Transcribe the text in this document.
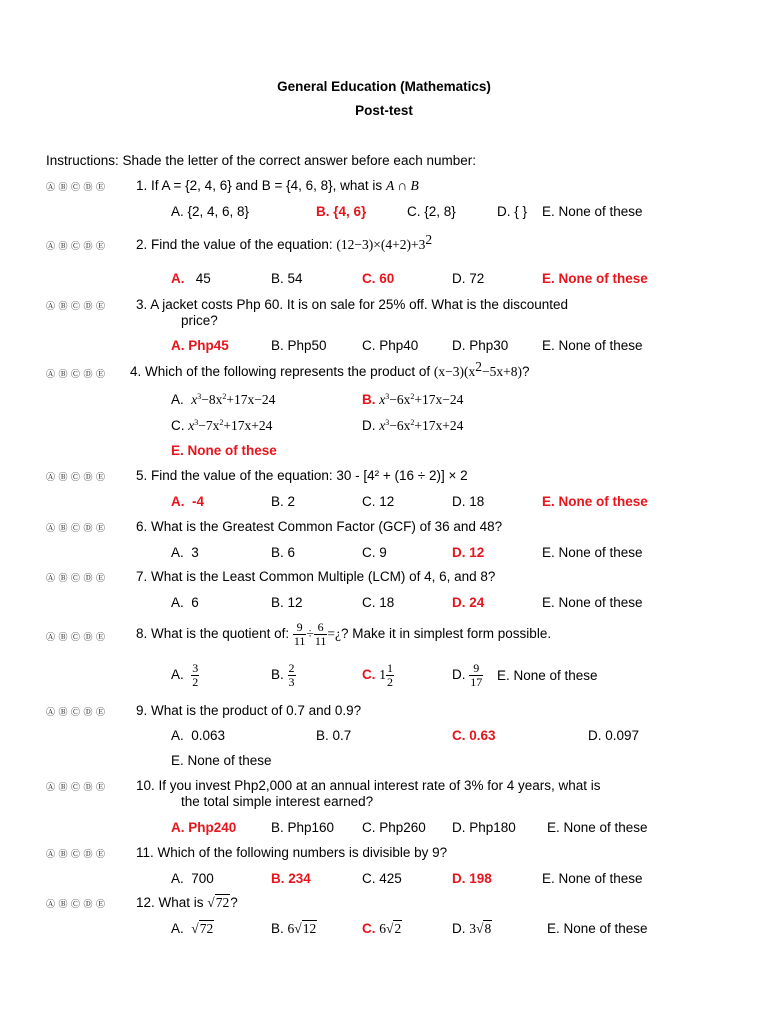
General Education (Mathematics)
Post-test
Instructions: Shade the letter of the correct answer before each number:
Ⓐ Ⓑ Ⓒ Ⓓ Ⓔ 1. If A = {2, 4, 6} and B = {4, 6, 8}, what is A ∩ B
A. {2, 4, 6, 8}	B. {4, 6}	C. {2, 8}	D. { } E. None of these
Ⓐ Ⓑ Ⓒ Ⓓ Ⓔ 2. Find the value of the equation: $(12-3)\times(4+2)+3^2$
A. 45	B. 54	C. 60	D. 72	E. None of these
Ⓐ Ⓑ Ⓒ Ⓓ Ⓔ 3. A jacket costs Php 60. It is on sale for 25% off. What is the discounted
price?
A. Php45	B. Php50	C. Php40 D. Php30 E. None of these
Ⓐ Ⓑ Ⓒ Ⓓ Ⓔ 4. Which of the following represents the product of $(x-3)(x^2-5x+8)$?
A. $x^3-8x^2+17x-24$	B. $x^3-6x^2+17x-24$
C. $x^3-7x^2+17x+24$	D. $x^3-6x^2+17x+24$
E. None of these
Ⓐ Ⓑ Ⓒ Ⓓ Ⓔ 5. Find the value of the equation: 30 - [4² + (16 ÷ 2)] × 2
A. -4	B. 2	C. 12	D. 18	E. None of these
Ⓐ Ⓑ Ⓒ Ⓓ Ⓔ 6. What is the Greatest Common Factor (GCF) of 36 and 48?
A. 3	B. 6	C. 9	D. 12	E. None of these
Ⓐ Ⓑ Ⓒ Ⓓ Ⓔ 7. What is the Least Common Multiple (LCM) of 4, 6, and 8?
A. 6	B. 12	C. 18	D. 24	E. None of these
Ⓐ Ⓑ Ⓒ Ⓓ Ⓔ 8. What is the quotient of: $\frac{9}{11} \div \frac{6}{11}$ =¿? Make it in simplest form possible.
A. $\frac{3}{2}$	B. $\frac{2}{3}$	C. $1 \frac{1}{2}$	D. $\frac{9}{17} E$. None of these
Ⓐ Ⓑ Ⓒ Ⓓ Ⓔ 9. What is the product of 0.7 and 0.9?
A. 0.063	B. 0.7	C. 0.63	D. 0.097
E. None of these
Ⓐ Ⓑ Ⓒ Ⓓ Ⓔ 10. If you invest Php2,000 at an annual interest rate of 3% for 4 years, what is
the total simple interest earned?
A. Php240	B. Php160 C. Php260 D. Php180 E. None of these
Ⓐ Ⓑ Ⓒ Ⓓ Ⓔ 11. Which of the following numbers is divisible by 9?
A. 700	B. 234	C. 425	D. 198	E. None of these
Ⓐ Ⓑ Ⓒ Ⓓ Ⓔ 12. What is √72?
A. √72	B. 6√12	C. 6√2	D. 3√8	E. None of these
